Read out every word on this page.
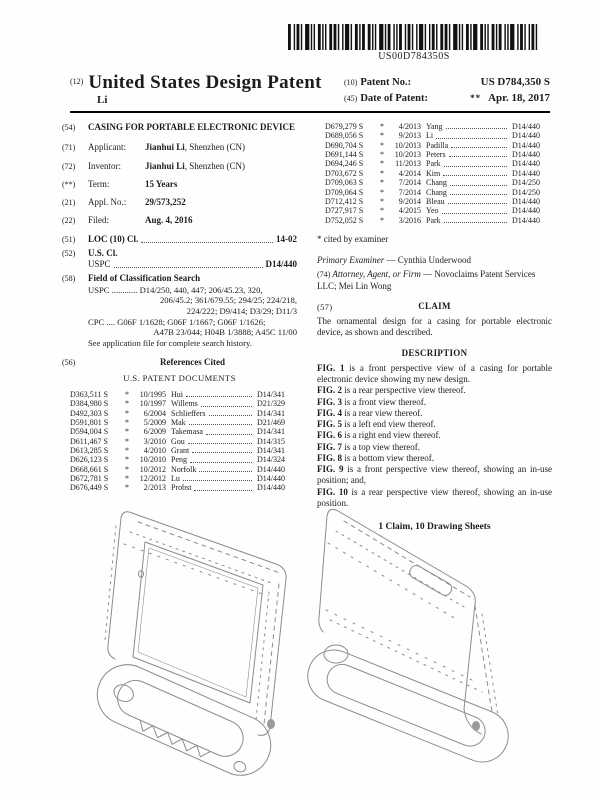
US00D784350S
(12) United States Design Patent
Li
(10) Patent No.:	US D784,350 S
(45) Date of Patent:	** Apr. 18, 2017
(54)	CASING FOR PORTABLE ELECTRONIC DEVICE
(71)	Applicant:	Jianhui Li, Shenzhen (CN)
(72)	Inventor:	Jianhui Li, Shenzhen (CN)
(**)	Term:	15 Years
(21)	Appl. No.:	29/573,252
(22)	Filed:	Aug. 4, 2016
(51)	LOC (10) Cl.	14-02
(52)	U.S. Cl.
USPC	D14/440
(58)	Field of Classification Search
USPC ............ D14/250, 440, 447; 206/45.23, 320,
206/45.2; 361/679.55; 294/25; 224/218,
224/222; D9/414; D3/29; D11/3
CPC .... G06F 1/1628; G06F 1/1667; G06F 1/1626;
A47B 23/044; H04B 1/3888; A45C 11/00
See application file for complete search history.
(56)	References Cited
U.S. PATENT DOCUMENTS
D363,511 S	*	10/1995 Hui	D14/341
D384,980 S	*	10/1997 Willems	D21/329
D492,303 S	*	6/2004 Schlieffers	D14/341
D591,801 S	*	5/2009 Mak	D21/469
D594,004 S	*	6/2009 Takemasa	D14/341
D611,467 S	*	3/2010 Gou	D14/315
D613,285 S	*	4/2010 Grant	D14/341
D626,123 S	*	10/2010 Peng	D14/324
D668,661 S	*	10/2012 Norfolk	D14/440
D672,781 S	*	12/2012 Lu	D14/440
D676,449 S	*	2/2013 Probst	D14/440
D679,279 S	*	4/2013 Yang	D14/440
D689,056 S	*	9/2013 Li	D14/440
D690,704 S	*	10/2013 Padilla	D14/440
D691,144 S	*	10/2013 Peters	D14/440
D694,246 S	*	11/2013 Park	D14/440
D703,672 S	*	4/2014 Kim	D14/440
D709,063 S	*	7/2014 Chang	D14/250
D709,064 S	*	7/2014 Chang	D14/250
D712,412 S	*	9/2014 Bleau	D14/440
D727,917 S	*	4/2015 Yeo	D14/440
D752,052 S	*	3/2016 Park	D14/440
* cited by examiner
Primary Examiner — Cynthia Underwood
(74) Attorney, Agent, or Firm — Novoclaims Patent Services LLC; Mei Lin Wong
(57)	CLAIM

The ornamental design for a casing for portable electronic device, as shown and described.

DESCRIPTION

FIG. 1 is a front perspective view of a casing for portable electronic device showing my new design.

FIG. 2 is a rear perspective view thereof.

FIG. 3 is a front view thereof.

FIG. 4 is a rear view thereof.

FIG. 5 is a left end view thereof.

FIG. 6 is a right end view thereof.

FIG. 7 is a top view thereof.

FIG. 8 is a bottom view thereof.

FIG. 9 is a front perspective view thereof, showing an in-use position; and,

FIG. 10 is a rear perspective view thereof, showing an in-use position.

1 Claim, 10 Drawing Sheets
